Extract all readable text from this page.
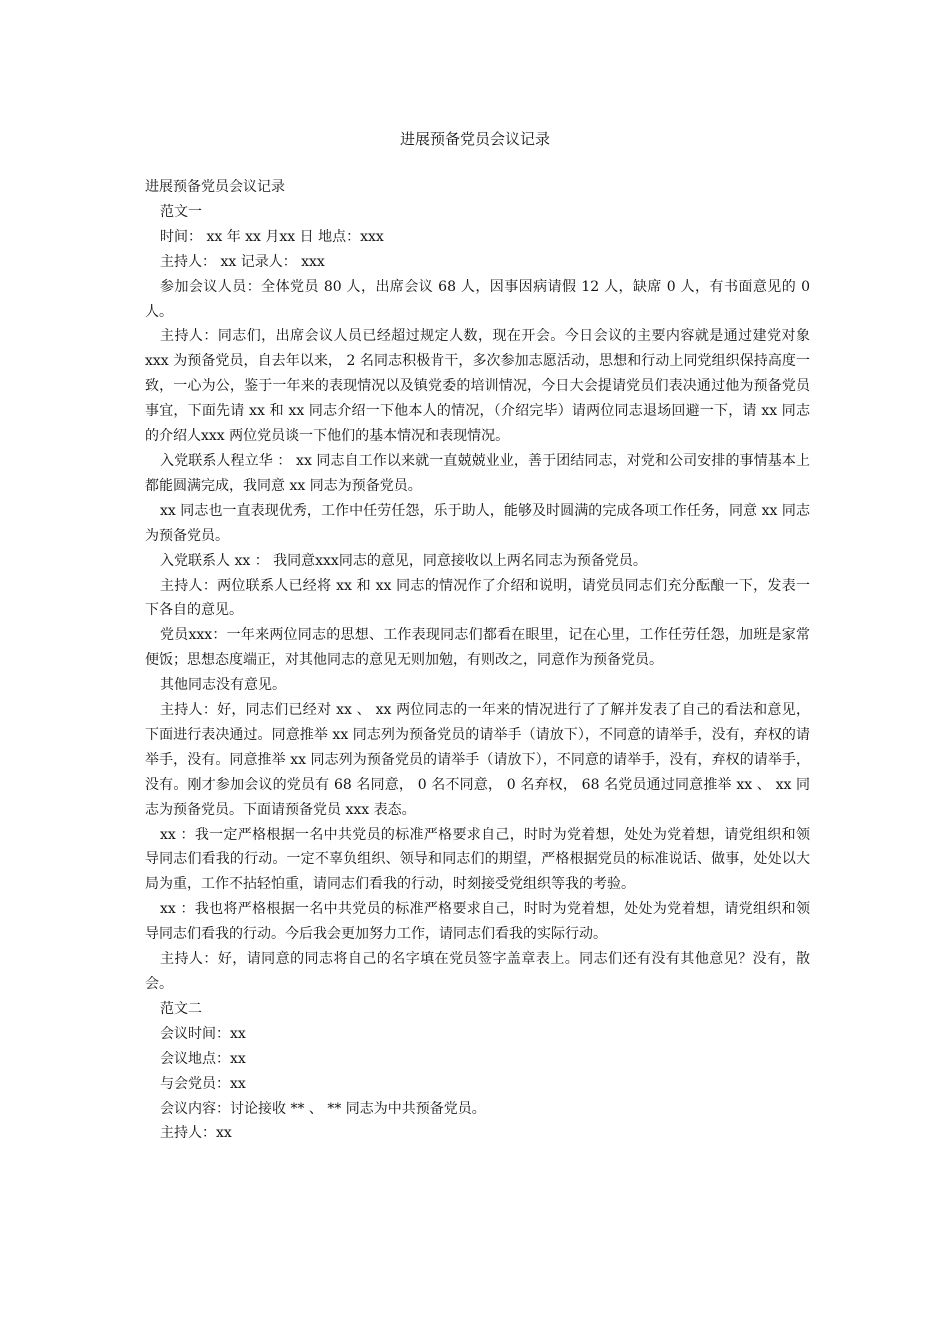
进展预备党员会议记录

进展预备党员会议记录

范文一

时间： xx 年 xx 月xx 日 地点：xxx

主持人： xx 记录人： xxx

参加会议人员：全体党员 80 人，出席会议 68 人，因事因病请假 12 人，缺席 0 人，有书面意见的 0 人。

主持人：同志们，出席会议人员已经超过规定人数，现在开会。今日会议的主要内容就是通过建党对象 xxx 为预备党员，自去年以来， 2 名同志积极肯干，多次参加志愿活动，思想和行动上同党组织保持高度一致，一心为公，鉴于一年来的表现情况以及镇党委的培训情况，今日大会提请党员们表决通过他为预备党员事宜，下面先请 xx 和 xx 同志介绍一下他本人的情况，（介绍完毕）请两位同志退场回避一下，请 xx 同志的介绍人xxx 两位党员谈一下他们的基本情况和表现情况。

入党联系人程立华 ： xx 同志自工作以来就一直兢兢业业，善于团结同志，对党和公司安排的事情基本上都能圆满完成，我同意 xx 同志为预备党员。

xx 同志也一直表现优秀，工作中任劳任怨，乐于助人，能够及时圆满的完成各项工作任务，同意 xx 同志为预备党员。

入党联系人 xx ： 我同意xxx同志的意见，同意接收以上两名同志为预备党员。

主持人：两位联系人已经将 xx 和 xx 同志的情况作了介绍和说明，请党员同志们充分酝酿一下，发表一下各自的意见。

党员xxx：一年来两位同志的思想、工作表现同志们都看在眼里，记在心里，工作任劳任怨，加班是家常便饭；思想态度端正，对其他同志的意见无则加勉，有则改之，同意作为预备党员。

其他同志没有意见。

主持人：好，同志们已经对 xx 、 xx 两位同志的一年来的情况进行了了解并发表了自己的看法和意见，下面进行表决通过。同意推举 xx 同志列为预备党员的请举手（请放下），不同意的请举手，没有，弃权的请举手，没有。同意推举 xx 同志列为预备党员的请举手（请放下），不同意的请举手，没有，弃权的请举手，没有。刚才参加会议的党员有 68 名同意， 0 名不同意， 0 名弃权， 68 名党员通过同意推举 xx 、 xx 同志为预备党员。下面请预备党员 xxx 表态。

xx ：我一定严格根据一名中共党员的标准严格要求自己，时时为党着想，处处为党着想，请党组织和领导同志们看我的行动。一定不辜负组织、领导和同志们的期望，严格根据党员的标准说话、做事，处处以大局为重，工作不拈轻怕重，请同志们看我的行动，时刻接受党组织等我的考验。

xx ：我也将严格根据一名中共党员的标准严格要求自己，时时为党着想，处处为党着想，请党组织和领导同志们看我的行动。今后我会更加努力工作，请同志们看我的实际行动。

主持人：好，请同意的同志将自己的名字填在党员签字盖章表上。同志们还有没有其他意见？没有，散会。

范文二

会议时间：xx

会议地点：xx

与会党员：xx

会议内容：讨论接收 ** 、 ** 同志为中共预备党员。

主持人：xx
